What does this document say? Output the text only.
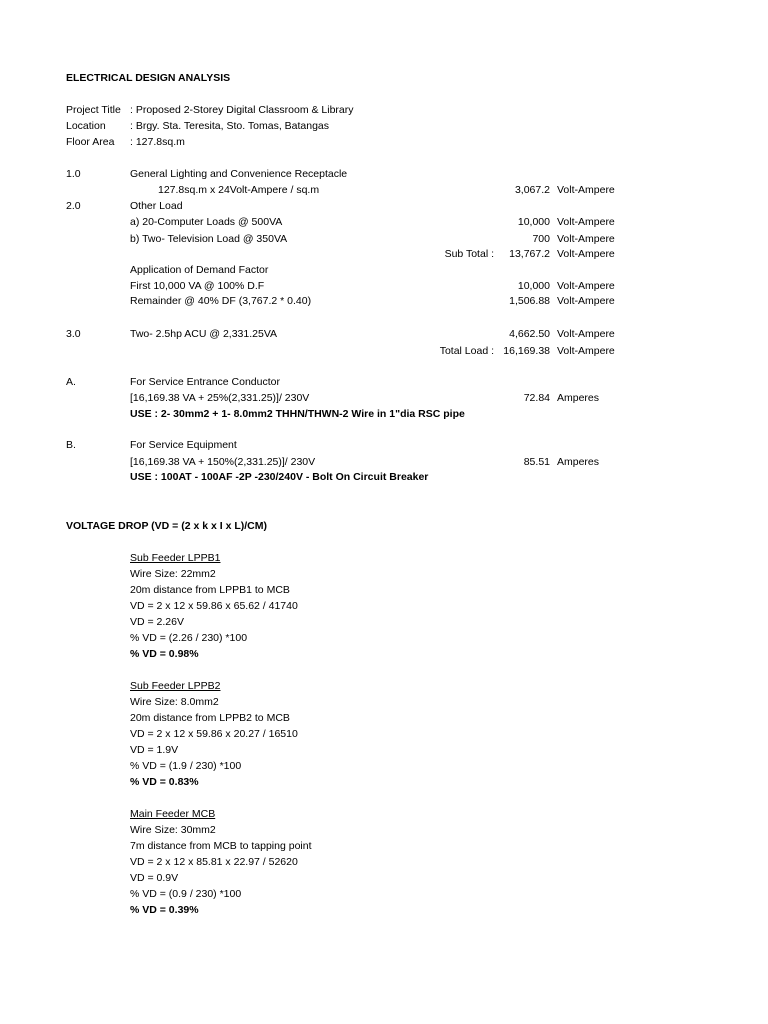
ELECTRICAL DESIGN ANALYSIS
Project Title : Proposed 2-Storey Digital Classroom & Library
Location : Brgy. Sta. Teresita, Sto. Tomas, Batangas
Floor Area : 127.8sq.m
1.0	General Lighting and Convenience Receptacle
127.8sq.m x 24Volt-Ampere / sq.m	3,067.2 Volt-Ampere
2.0	Other Load
a) 20-Computer Loads @ 500VA	10,000 Volt-Ampere
b) Two- Television Load @ 350VA	700 Volt-Ampere
Sub Total :	13,767.2 Volt-Ampere
Application of Demand Factor
First 10,000 VA @ 100% D.F	10,000 Volt-Ampere
Remainder @ 40% DF (3,767.2 * 0.40)	1,506.88 Volt-Ampere
3.0	Two- 2.5hp ACU @ 2,331.25VA	4,662.50 Volt-Ampere
Total Load : 16,169.38 Volt-Ampere
A.	For Service Entrance Conductor
[16,169.38 VA + 25%(2,331.25)]/ 230V	72.84 Amperes
USE : 2- 30mm2 + 1- 8.0mm2 THHN/THWN-2 Wire in 1"dia RSC pipe
B.	For Service Equipment
[16,169.38 VA + 150%(2,331.25)]/ 230V	85.51 Amperes
USE : 100AT - 100AF -2P -230/240V - Bolt On Circuit Breaker
VOLTAGE DROP (VD = (2 x k x I x L)/CM)
Sub Feeder LPPB1
Wire Size: 22mm2
20m distance from LPPB1 to MCB
VD = 2 x 12 x 59.86 x 65.62 / 41740
VD = 2.26V
% VD = (2.26 / 230) *100
% VD = 0.98%
Sub Feeder LPPB2
Wire Size: 8.0mm2
20m distance from LPPB2 to MCB
VD = 2 x 12 x 59.86 x 20.27 / 16510
VD = 1.9V
% VD = (1.9 / 230) *100
% VD = 0.83%
Main Feeder MCB
Wire Size: 30mm2
7m distance from MCB to tapping point
VD = 2 x 12 x 85.81 x 22.97 / 52620
VD = 0.9V
% VD = (0.9 / 230) *100
% VD = 0.39%
